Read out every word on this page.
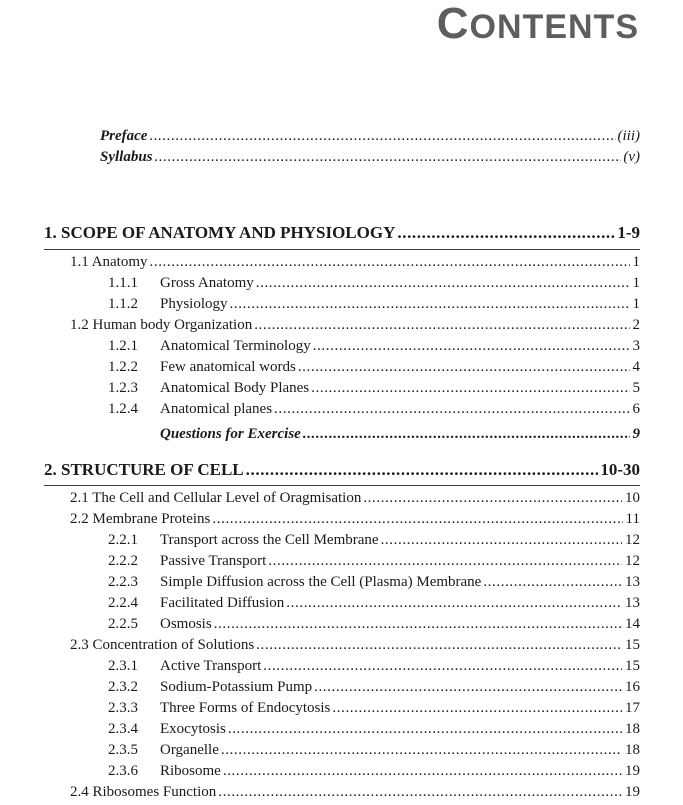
CONTENTS
Preface .....	(iii)
Syllabus .....	(v)
1. SCOPE OF ANATOMY AND PHYSIOLOGY .....	1-9
1.1 Anatomy .....	1
1.1.1	Gross Anatomy .....	1
1.1.2	Physiology .....	1
1.2 Human body Organization .....	2
1.2.1	Anatomical Terminology .....	3
1.2.2	Few anatomical words .....	4
1.2.3	Anatomical Body Planes .....	5
1.2.4	Anatomical planes .....	6
Questions for Exercise .....	9
2. STRUCTURE OF CELL .....	10-30
2.1 The Cell and Cellular Level of Oragmisation .....	10
2.2 Membrane Proteins .....	11
2.2.1	Transport across the Cell Membrane .....	12
2.2.2	Passive Transport .....	12
2.2.3	Simple Diffusion across the Cell (Plasma) Membrane .....	13
2.2.4	Facilitated Diffusion .....	13
2.2.5	Osmosis .....	14
2.3 Concentration of Solutions .....	15
2.3.1	Active Transport .....	15
2.3.2	Sodium-Potassium Pump .....	16
2.3.3	Three Forms of Endocytosis .....	17
2.3.4	Exocytosis .....	18
2.3.5	Organelle .....	18
2.3.6	Ribosome .....	19
2.4 Ribosomes Function .....	19
